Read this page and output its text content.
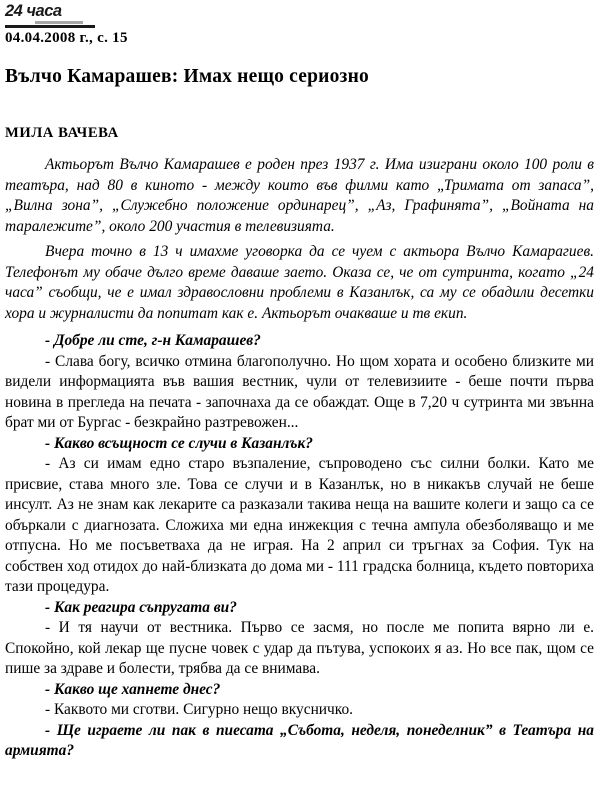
24 часа
04.04.2008 г., с. 15
Вълчо Камарашев: Имах нещо сериозно
МИЛА ВАЧЕВА

Актьорът Вълчо Камарашев е роден през 1937 г. Има изиграни около 100 роли в театъра, над 80 в киното - между които във филми като „Тримата от запаса”, „Вилна зона”, „Служебно положение ординарец”, „Аз, Графинята”, „Войната на таралежите”, около 200 участия в телевизията.

Вчера точно в 13 ч имахме уговорка да се чуем с актьора Вълчо Камарагиев. Телефонът му обаче дълго време даваше заето. Оказа се, че от сутринта, когато „24 часа” съобщи, че е имал здравословни проблеми в Казанлък, са му се обадили десетки хора и журналисти да попитат как е. Актьорът очакваше и тв екип.

- Добре ли сте, г-н Камарашев?

- Слава богу, всичко отмина благополучно. Но щом хората и особено близките ми видели информацията във вашия вестник, чули от телевизиите - беше почти първа новина в прегледа на печата - започнаха да се обаждат. Още в 7,20 ч сутринта ми звънна брат ми от Бургас - безкрайно разтревожен...

- Какво всъщност се случи в Казанлък?

- Аз си имам едно старо възпаление, съпроводено със силни болки. Като ме присвие, става много зле. Това се случи и в Казанлък, но в никакъв случай не беше инсулт. Аз не знам как лекарите са разказали такива неща на вашите колеги и защо са се объркали с диагнозата. Сложиха ми една инжекция с течна ампула обезболяващо и ме отпусна. Но ме посъветваха да не играя. На 2 април си тръгнах за София. Тук на собствен ход отидох до най-близката до дома ми - 111 градска болница, където повториха тази процедура.

- Как реагира съпругата ви?

- И тя научи от вестника. Първо се засмя, но после ме попита вярно ли е. Спокойно, кой лекар ще пусне човек с удар да пътува, успокоих я аз. Но все пак, щом се пише за здраве и болести, трябва да се внимава.

- Какво ще хапнете днес?

- Каквото ми сготви. Сигурно нещо вкусничко.

- Ще играете ли пак в пиесата „Събота, неделя, понеделник” в Театъра на армията?
